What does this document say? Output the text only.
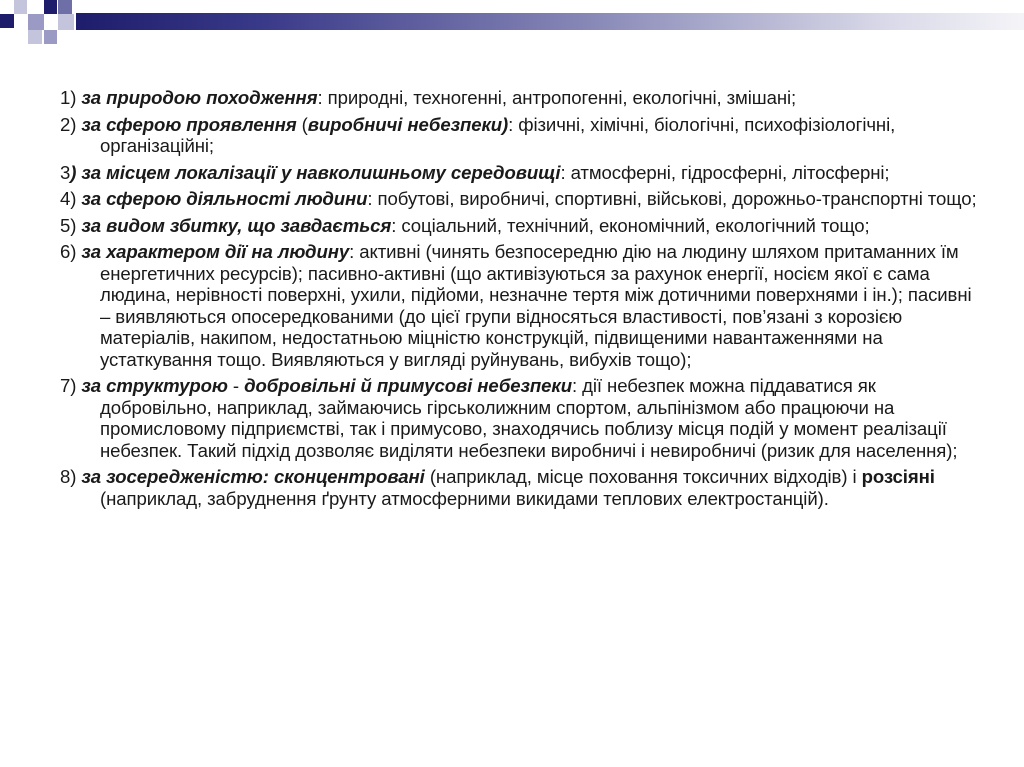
1) за природою походження: природні, техногенні, антропогенні, екологічні, змішані;

2) за сферою проявлення (виробничі небезпеки): фізичні, хімічні, біологічні, психофізіологічні, організаційні;

3) за місцем локалізації у навколишньому середовищі: атмосферні, гідросферні, літосферні;

4) за сферою діяльності людини: побутові, виробничі, спортивні, військові, дорожньо-транспортні тощо;

5) за видом збитку, що завдається: соціальний, технічний, економічний, екологічний тощо;

6) за характером дії на людину: активні (чинять безпосередню дію на людину шляхом притаманних їм енергетичних ресурсів); пасивно-активні (що активізуються за рахунок енергії, носієм якої є сама людина, нерівності поверхні, ухили, підйоми, незначне тертя між дотичними поверхнями і ін.); пасивні – виявляються опосередкованими (до цієї групи відносяться властивості, пов’язані з корозією матеріалів, накипом, недостатньою міцністю конструкцій, підвищеними навантаженнями на устаткування тощо. Виявляються у вигляді руйнувань, вибухів тощо);

7) за структурою - добровільні й примусові небезпеки: дії небезпек можна піддаватися як добровільно, наприклад, займаючись гірськолижним спортом, альпінізмом або працюючи на промисловому підприємстві, так і примусово, знаходячись поблизу місця подій у момент реалізації небезпек. Такий підхід дозволяє виділяти небезпеки виробничі і невиробничі (ризик для населення);

8) за зосередженістю: сконцентровані (наприклад, місце поховання токсичних відходів) і розсіяні (наприклад, забруднення ґрунту атмосферними викидами теплових електростанцій).
